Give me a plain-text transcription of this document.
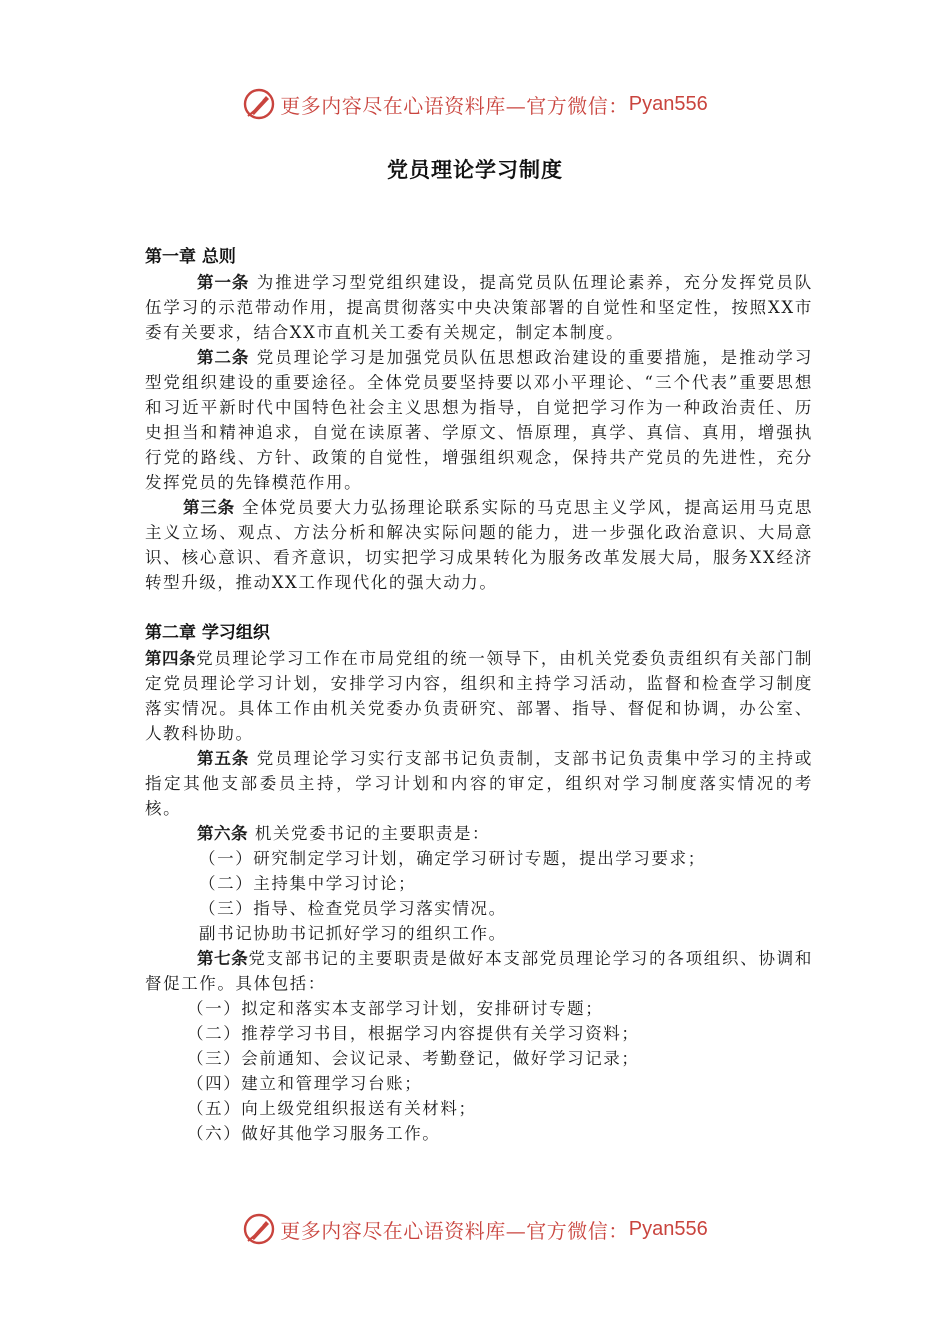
更多内容尽在心语资料库—官方微信： Pyan556
党员理论学习制度

第一章 总则

第一条 为推进学习型党组织建设，提高党员队伍理论素养，充分发挥党员队伍学习的示范带动作用，提高贯彻落实中央决策部署的自觉性和坚定性，按照XX市委有关要求，结合XX市直机关工委有关规定，制定本制度。

第二条 党员理论学习是加强党员队伍思想政治建设的重要措施，是推动学习型党组织建设的重要途径。全体党员要坚持要以邓小平理论、“三个代表”重要思想和习近平新时代中国特色社会主义思想为指导，自觉把学习作为一种政治责任、历史担当和精神追求，自觉在读原著、学原文、悟原理，真学、真信、真用，增强执行党的路线、方针、政策的自觉性，增强组织观念，保持共产党员的先进性，充分发挥党员的先锋模范作用。

第三条 全体党员要大力弘扬理论联系实际的马克思主义学风，提高运用马克思主义立场、观点、方法分析和解决实际问题的能力，进一步强化政治意识、大局意识、核心意识、看齐意识，切实把学习成果转化为服务改革发展大局，服务XX经济转型升级，推动XX工作现代化的强大动力。

第二章 学习组织

第四条党员理论学习工作在市局党组的统一领导下，由机关党委负责组织有关部门制定党员理论学习计划，安排学习内容，组织和主持学习活动，监督和检查学习制度落实情况。具体工作由机关党委办负责研究、部署、指导、督促和协调，办公室、人教科协助。

第五条 党员理论学习实行支部书记负责制，支部书记负责集中学习的主持或指定其他支部委员主持，学习计划和内容的审定，组织对学习制度落实情况的考核。

第六条 机关党委书记的主要职责是：

（一）研究制定学习计划，确定学习研讨专题，提出学习要求；

（二）主持集中学习讨论；

（三）指导、检查党员学习落实情况。

副书记协助书记抓好学习的组织工作。

第七条党支部书记的主要职责是做好本支部党员理论学习的各项组织、协调和督促工作。具体包括：

（一）拟定和落实本支部学习计划，安排研讨专题；

（二）推荐学习书目，根据学习内容提供有关学习资料；

（三）会前通知、会议记录、考勤登记，做好学习记录；

（四）建立和管理学习台账；

（五）向上级党组织报送有关材料；

（六）做好其他学习服务工作。

更多内容尽在心语资料库—官方微信： Pyan556
